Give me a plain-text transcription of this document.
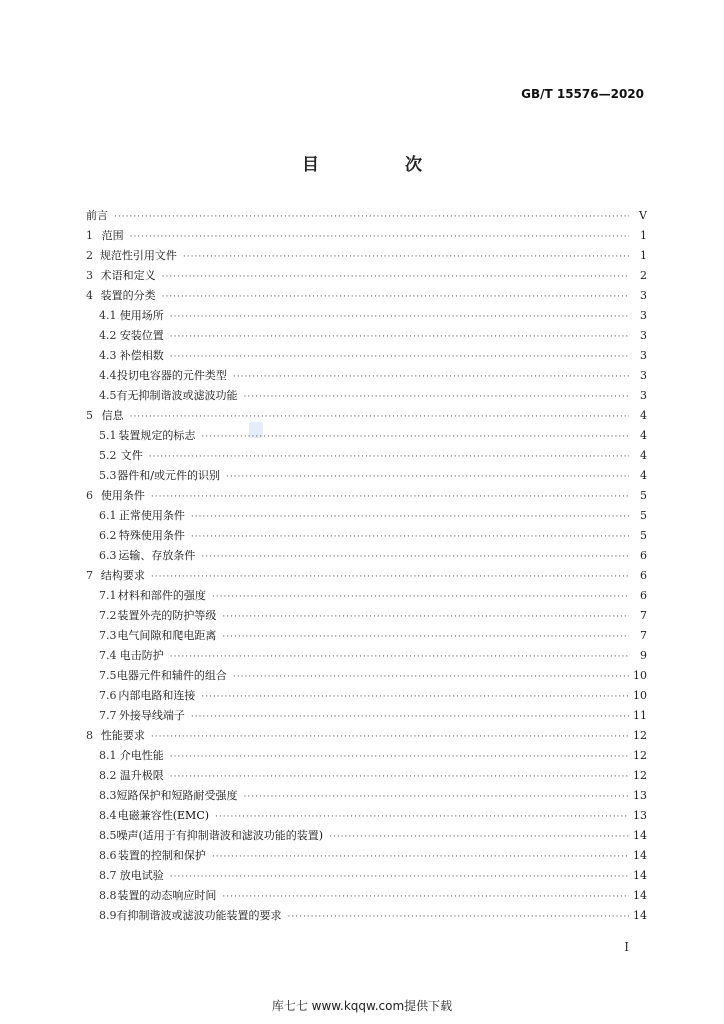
GB/T 15576—2020
目 次
前言 ·····	V
1 范围 ·····	1
2 规范性引用文件 ·····	1
3 术语和定义 ·····	2
4 装置的分类 ·····	3
4.1 使用场所 ·····	3
4.2 安装位置 ·····	3
4.3 补偿相数 ·····	3
4.4 投切电容器的元件类型 ·····	3
4.5 有无抑制谐波或滤波功能 ·····	3
5 信息 ·····	4
5.1 装置规定的标志 ·····	4
5.2 文件 ·····	4
5.3 器件和/或元件的识别 ·····	4
6 使用条件 ·····	5
6.1 正常使用条件 ·····	5
6.2 特殊使用条件 ·····	5
6.3 运输、存放条件 ·····	6
7 结构要求 ·····	6
7.1 材料和部件的强度 ·····	6
7.2 装置外壳的防护等级 ·····	7
7.3 电气间隙和爬电距离 ·····	7
7.4 电击防护 ·····	9
7.5 电器元件和辅件的组合 ·····	10
7.6 内部电路和连接 ·····	10
7.7 外接导线端子 ·····	11
8 性能要求 ·····	12
8.1 介电性能 ·····	12
8.2 温升极限 ·····	12
8.3 短路保护和短路耐受强度 ·····	13
8.4 电磁兼容性(EMC) ·····	13
8.5 噪声(适用于有抑制谐波和滤波功能的装置) ·····	14
8.6 装置的控制和保护 ·····	14
8.7 放电试验 ·····	14
8.8 装置的动态响应时间 ·····	14
8.9 有抑制谐波或滤波功能装置的要求 ·····	14
I
库七七 www.kqqw.com提供下载
